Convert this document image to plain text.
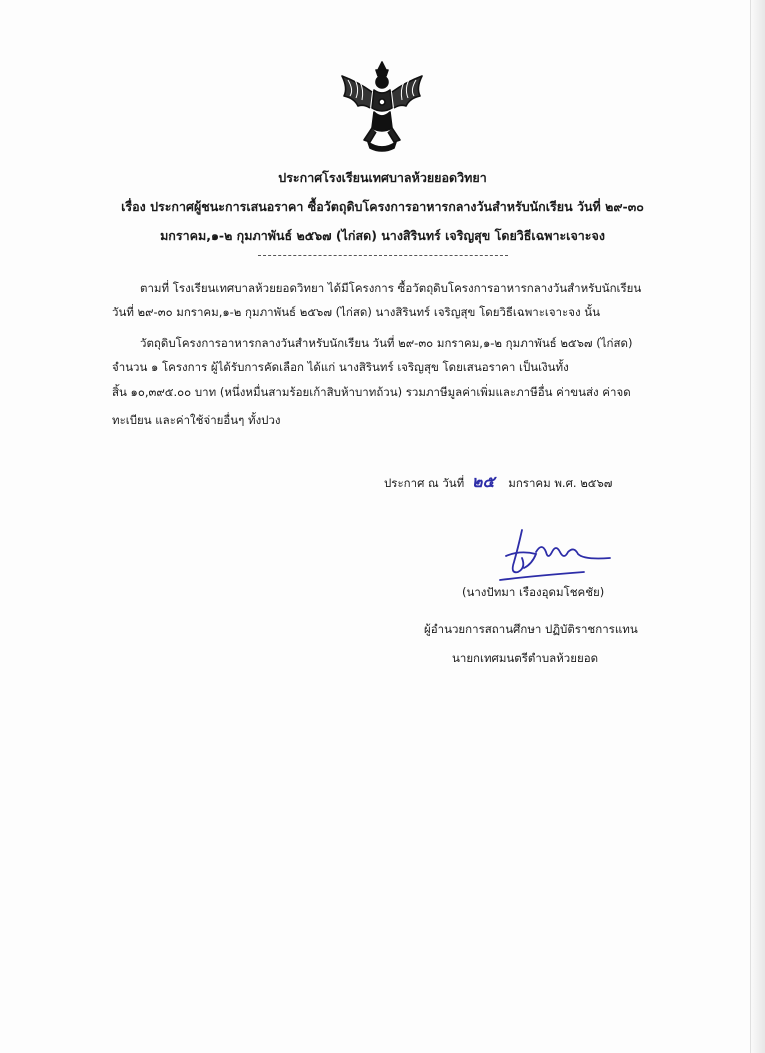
ประกาศโรงเรียนเทศบาลห้วยยอดวิทยา
เรื่อง ประกาศผู้ชนะการเสนอราคา ซื้อวัตถุดิบโครงการอาหารกลางวันสำหรับนักเรียน วันที่ ๒๙-๓๐
มกราคม,๑-๒ กุมภาพันธ์ ๒๕๖๗ (ไก่สด) นางสิรินทร์ เจริญสุข โดยวิธีเฉพาะเจาะจง
ตามที่ โรงเรียนเทศบาลห้วยยอดวิทยา ได้มีโครงการ ซื้อวัตถุดิบโครงการอาหารกลางวันสำหรับนักเรียน
วันที่ ๒๙-๓๐ มกราคม,๑-๒ กุมภาพันธ์ ๒๕๖๗ (ไก่สด) นางสิรินทร์ เจริญสุข โดยวิธีเฉพาะเจาะจง นั้น
วัตถุดิบโครงการอาหารกลางวันสำหรับนักเรียน วันที่ ๒๙-๓๐ มกราคม,๑-๒ กุมภาพันธ์ ๒๕๖๗ (ไก่สด)
จำนวน ๑ โครงการ ผู้ได้รับการคัดเลือก ได้แก่ นางสิรินทร์ เจริญสุข โดยเสนอราคา เป็นเงินทั้ง
สิ้น ๑๐,๓๙๕.๐๐ บาท (หนึ่งหมื่นสามร้อยเก้าสิบห้าบาทถ้วน) รวมภาษีมูลค่าเพิ่มและภาษีอื่น ค่าขนส่ง ค่าจด
ทะเบียน และค่าใช้จ่ายอื่นๆ ทั้งปวง
ประกาศ ณ วันที่ ๒๕ มกราคม พ.ศ. ๒๕๖๗
(นางปัทมา เรืองอุดมโชคชัย)
ผู้อำนวยการสถานศึกษา ปฏิบัติราชการแทน
นายกเทศมนตรีตำบลห้วยยอด
